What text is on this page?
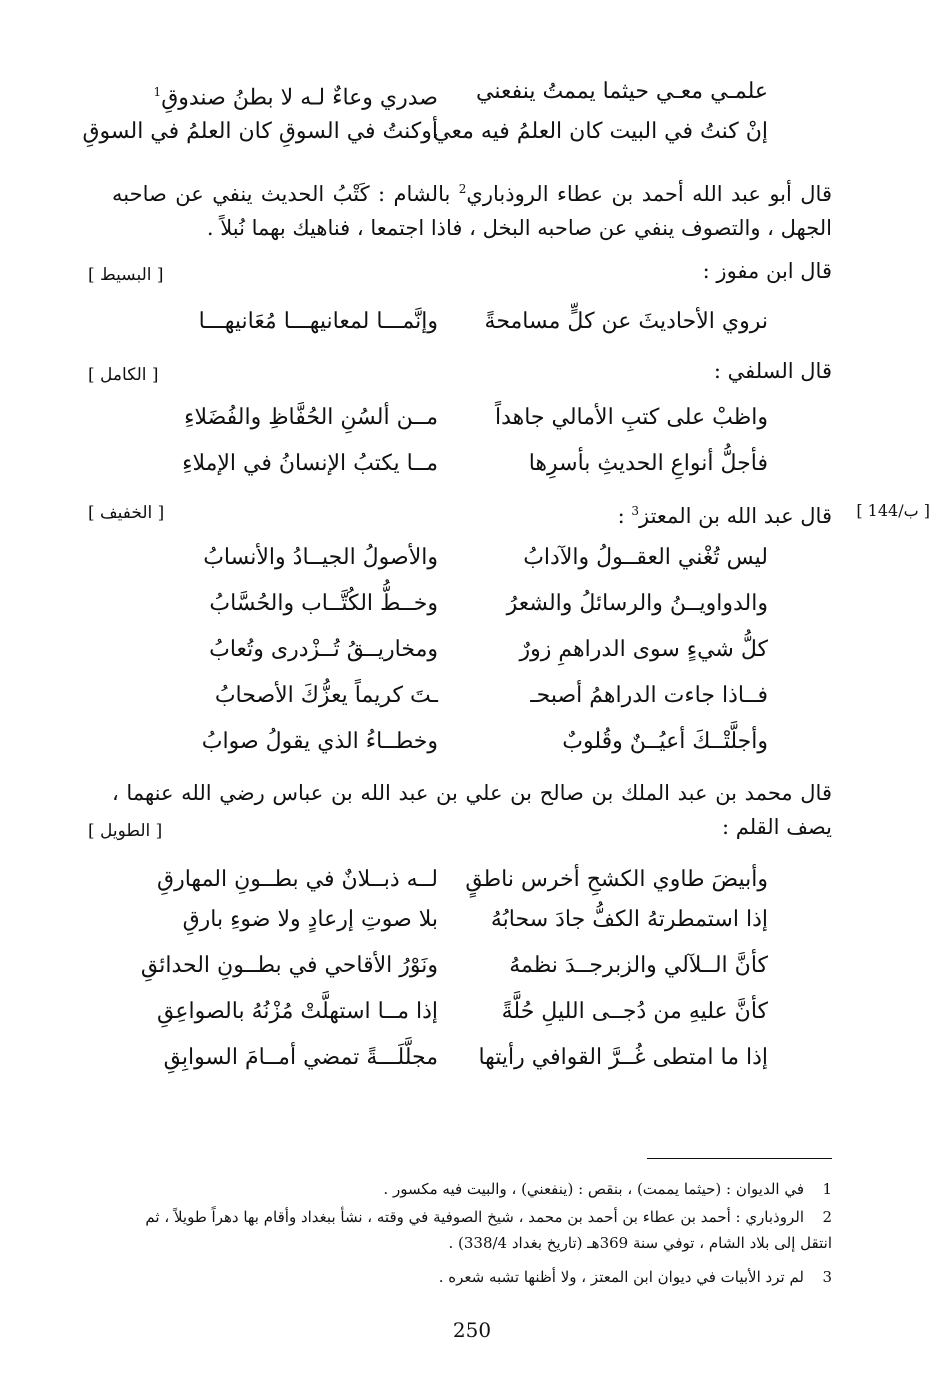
علمـي معـي حيثما يممتُ ينفعني
صدري وعاءٌ لـه لا بطنُ صندوقِ$^1$
إنْ كنتُ في البيت كان العلمُ فيه معي
أوكنتُ في السوقِ كان العلمُ في السوقِ
قال أبو عبد الله أحمد بن عطاء الروذباري$^2$ بالشام : كَتْبُ الحديث ينفي عن صاحبه الجهل ، والتصوف ينفي عن صاحبه البخل ، فاذا اجتمعا ، فناهيك بهما نُبلاً .
قال ابن مفوز :
[ البسيط ]
نروي الأحاديثَ عن كلٍّ مسامحةً
وإنَّمـــا لمعانيهـــا مُعَانيهـــا
قال السلفي :
[ الكامل ]
واظبْ على كتبِ الأمالي جاهداً
مــن ألسُنِ الحُفَّاظِ والفُضَلاءِ
فأجلُّ أنواعِ الحديثِ بأسرِها
مــا يكتبُ الإنسانُ في الإملاءِ
[ 144/ب ]
قال عبد الله بن المعتز$^3$ :
[ الخفيف ]
ليس تُغْني العقــولُ والآدابُ
والأصولُ الجيــادُ والأنسابُ
والدواويــنُ والرسائلُ والشعرُ
وخــطُّ الكُتَّــاب والحُسَّابُ
كلُّ شيءٍ سوى الدراهمِ زورٌ
ومخاريــقُ تُــزْدرى وتُعابُ
فــاذا جاءت الدراهمُ أصبحـ
ـتَ كريماً يعزُّكَ الأصحابُ
وأجلَّتْــكَ أعيُــنٌ وقُلوبٌ
وخطــاءُ الذي يقولُ صوابُ
قال محمد بن عبد الملك بن صالح بن علي بن عبد الله بن عباس رضي الله عنهما ، يصف القلم :
[ الطويل ]
وأبيضَ طاوي الكشحِ أخرس ناطقٍ
لــه ذبــلانٌ في بطــونِ المهارقِ
إذا استمطرتهُ الكفُّ جادَ سحابُهُ
بلا صوتِ إرعادٍ ولا ضوءِ بارقِ
كأنَّ الــلآلي والزبرجــدَ نظمهُ
ونَوْرُ الأقاحي في بطــونِ الحدائقِ
كأنَّ عليهِ من دُجــى الليلِ حُلَّةً
إذا مــا استهلَّتْ مُزْنُهُ بالصواعِقِ
إذا ما امتطى غُــرَّ القوافي رأيتها
مجلَّلَـــةً تمضي أمــامَ السوابِقِ
1في الديوان : (حيثما يممت) ، بنقص : (ينفعني) ، والبيت فيه مكسور .
2الروذباري : أحمد بن عطاء بن أحمد بن محمد ، شيخ الصوفية في وقته ، نشأ ببغداد وأقام بها دهراً طويلاً ، ثم انتقل إلى بلاد الشام ، توفي سنة 369هـ (تاريخ بغداد 338/4) .
3لم ترد الأبيات في ديوان ابن المعتز ، ولا أظنها تشبه شعره .
250
